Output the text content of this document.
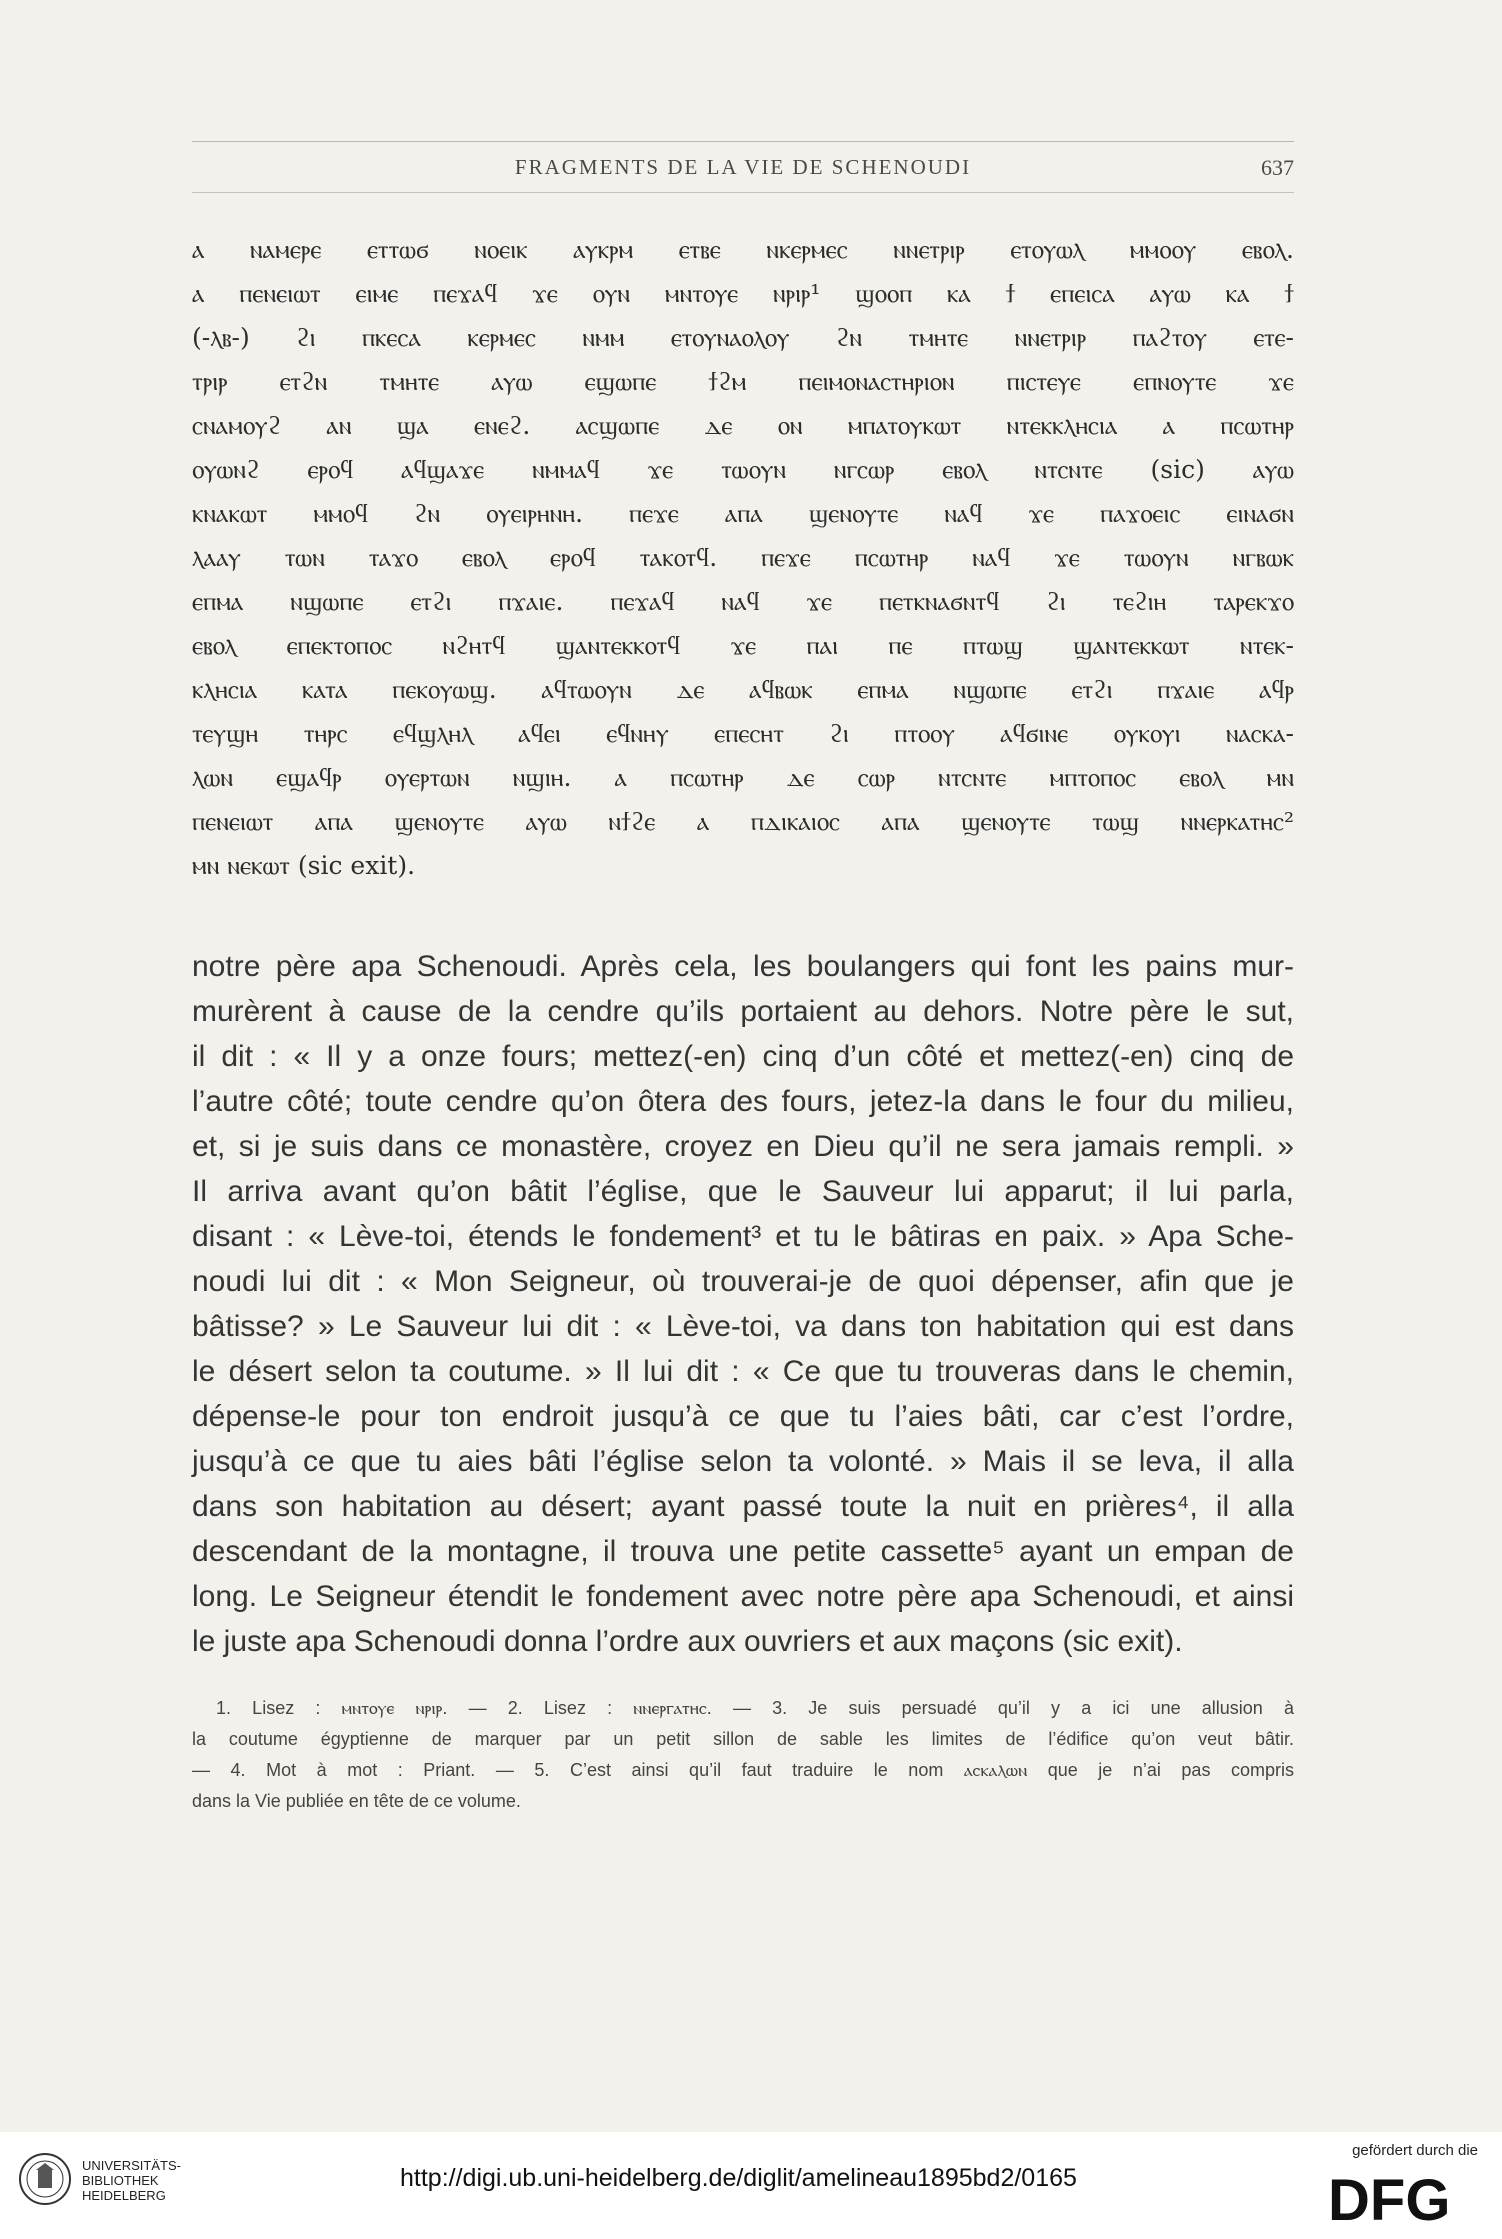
FRAGMENTS DE LA VIE DE SCHENOUDI	637
ⲁ ⲛⲁⲙⲉⲣⲉ ⲉⲧⲧⲱϭ ⲛⲟⲉⲓⲕ ⲁⲩⲕⲣⲙ ⲉⲧⲃⲉ ⲛⲕⲉⲣⲙⲉⲥ ⲛⲛⲉⲧⲣⲓⲣ ⲉⲧⲟⲩⲱⲗ ⲙⲙⲟⲟⲩ ⲉⲃⲟⲗ.
ⲁ ⲡⲉⲛⲉⲓⲱⲧ ⲉⲓⲙⲉ ⲡⲉϫⲁϥ ϫⲉ ⲟⲩⲛ ⲙⲛⲧⲟⲩⲉ ⲛⲣⲓⲣ¹ ϣⲟⲟⲡ ⲕⲁ ϯ ⲉⲡⲉⲓⲥⲁ ⲁⲩⲱ ⲕⲁ ϯ
(-ⲗⲃ-) ϩⲓ ⲡⲕⲉⲥⲁ ⲕⲉⲣⲙⲉⲥ ⲛⲙⲙ ⲉⲧⲟⲩⲛⲁⲟⲗⲟⲩ ϩⲛ ⲧⲙⲏⲧⲉ ⲛⲛⲉⲧⲣⲓⲣ ⲡⲁϩⲧⲟⲩ ⲉⲧⲉ-
ⲧⲣⲓⲣ ⲉⲧϩⲛ ⲧⲙⲏⲧⲉ ⲁⲩⲱ ⲉϣⲱⲡⲉ ϯϩⲙ ⲡⲉⲓⲙⲟⲛⲁⲥⲧⲏⲣⲓⲟⲛ ⲡⲓⲥⲧⲉⲩⲉ ⲉⲡⲛⲟⲩⲧⲉ ϫⲉ
ⲥⲛⲁⲙⲟⲩϩ ⲁⲛ ϣⲁ ⲉⲛⲉϩ. ⲁⲥϣⲱⲡⲉ ⲇⲉ ⲟⲛ ⲙⲡⲁⲧⲟⲩⲕⲱⲧ ⲛⲧⲉⲕⲕⲗⲏⲥⲓⲁ ⲁ ⲡⲥⲱⲧⲏⲣ
ⲟⲩⲱⲛϩ ⲉⲣⲟϥ ⲁϥϣⲁϫⲉ ⲛⲙⲙⲁϥ ϫⲉ ⲧⲱⲟⲩⲛ ⲛⲅⲥⲱⲣ ⲉⲃⲟⲗ ⲛⲧⲥⲛⲧⲉ (sic) ⲁⲩⲱ
ⲕⲛⲁⲕⲱⲧ ⲙⲙⲟϥ ϩⲛ ⲟⲩⲉⲓⲣⲏⲛⲏ. ⲡⲉϫⲉ ⲁⲡⲁ ϣⲉⲛⲟⲩⲧⲉ ⲛⲁϥ ϫⲉ ⲡⲁϫⲟⲉⲓⲥ ⲉⲓⲛⲁϭⲛ
ⲗⲁⲁⲩ ⲧⲱⲛ ⲧⲁϫⲟ ⲉⲃⲟⲗ ⲉⲣⲟϥ ⲧⲁⲕⲟⲧϥ. ⲡⲉϫⲉ ⲡⲥⲱⲧⲏⲣ ⲛⲁϥ ϫⲉ ⲧⲱⲟⲩⲛ ⲛⲅⲃⲱⲕ
ⲉⲡⲙⲁ ⲛϣⲱⲡⲉ ⲉⲧϩⲓ ⲡϫⲁⲓⲉ. ⲡⲉϫⲁϥ ⲛⲁϥ ϫⲉ ⲡⲉⲧⲕⲛⲁϭⲛⲧϥ ϩⲓ ⲧⲉϩⲓⲏ ⲧⲁⲣⲉⲕϫⲟ
ⲉⲃⲟⲗ ⲉⲡⲉⲕⲧⲟⲡⲟⲥ ⲛϩⲏⲧϥ ϣⲁⲛⲧⲉⲕⲕⲟⲧϥ ϫⲉ ⲡⲁⲓ ⲡⲉ ⲡⲧⲱϣ ϣⲁⲛⲧⲉⲕⲕⲱⲧ ⲛⲧⲉⲕ-
ⲕⲗⲏⲥⲓⲁ ⲕⲁⲧⲁ ⲡⲉⲕⲟⲩⲱϣ. ⲁϥⲧⲱⲟⲩⲛ ⲇⲉ ⲁϥⲃⲱⲕ ⲉⲡⲙⲁ ⲛϣⲱⲡⲉ ⲉⲧϩⲓ ⲡϫⲁⲓⲉ ⲁϥⲣ
ⲧⲉⲩϣⲏ ⲧⲏⲣⲥ ⲉϥϣⲗⲏⲗ ⲁϥⲉⲓ ⲉϥⲛⲏⲩ ⲉⲡⲉⲥⲏⲧ ϩⲓ ⲡⲧⲟⲟⲩ ⲁϥϭⲓⲛⲉ ⲟⲩⲕⲟⲩⲓ ⲛⲁⲥⲕⲁ-
ⲗⲱⲛ ⲉϣⲁϥⲣ ⲟⲩⲉⲣⲧⲱⲛ ⲛϣⲓⲏ. ⲁ ⲡⲥⲱⲧⲏⲣ ⲇⲉ ⲥⲱⲣ ⲛⲧⲥⲛⲧⲉ ⲙⲡⲧⲟⲡⲟⲥ ⲉⲃⲟⲗ ⲙⲛ
ⲡⲉⲛⲉⲓⲱⲧ ⲁⲡⲁ ϣⲉⲛⲟⲩⲧⲉ ⲁⲩⲱ ⲛϯϩⲉ ⲁ ⲡⲇⲓⲕⲁⲓⲟⲥ ⲁⲡⲁ ϣⲉⲛⲟⲩⲧⲉ ⲧⲱϣ ⲛⲛⲉⲣⲕⲁⲧⲏⲥ²
ⲙⲛ ⲛⲉⲕⲱⲧ (sic exit).
notre père apa Schenoudi. Après cela, les boulangers qui font les pains mur-
murèrent à cause de la cendre qu’ils portaient au dehors. Notre père le sut,
il dit : « Il y a onze fours; mettez(-en) cinq d’un côté et mettez(-en) cinq de
l’autre côté; toute cendre qu’on ôtera des fours, jetez-la dans le four du milieu,
et, si je suis dans ce monastère, croyez en Dieu qu’il ne sera jamais rempli. »
Il arriva avant qu’on bâtit l’église, que le Sauveur lui apparut; il lui parla,
disant : « Lève-toi, étends le fondement³ et tu le bâtiras en paix. » Apa Sche-
noudi lui dit : « Mon Seigneur, où trouverai-je de quoi dépenser, afin que je
bâtisse? » Le Sauveur lui dit : « Lève-toi, va dans ton habitation qui est dans
le désert selon ta coutume. » Il lui dit : « Ce que tu trouveras dans le chemin,
dépense-le pour ton endroit jusqu’à ce que tu l’aies bâti, car c’est l’ordre,
jusqu’à ce que tu aies bâti l’église selon ta volonté. » Mais il se leva, il alla
dans son habitation au désert; ayant passé toute la nuit en prières⁴, il alla
descendant de la montagne, il trouva une petite cassette⁵ ayant un empan de
long. Le Seigneur étendit le fondement avec notre père apa Schenoudi, et ainsi
le juste apa Schenoudi donna l’ordre aux ouvriers et aux maçons (sic exit).
1. Lisez : ⲙⲛⲧⲟⲩⲉ ⲛⲣⲓⲣ. — 2. Lisez : ⲛⲛⲉⲣⲅⲁⲧⲏⲥ. — 3. Je suis persuadé qu’il y a ici une allusion à
la coutume égyptienne de marquer par un petit sillon de sable les limites de l’édifice qu’on veut bâtir.
— 4. Mot à mot : Priant. — 5. C’est ainsi qu’il faut traduire le nom ⲁⲥⲕⲁⲗⲱⲛ que je n’ai pas compris
dans la Vie publiée en tête de ce volume.
UNIVERSITÄTS-
BIBLIOTHEK
HEIDELBERG
http://digi.ub.uni-heidelberg.de/diglit/amelineau1895bd2/0165
gefördert durch die
DFG
